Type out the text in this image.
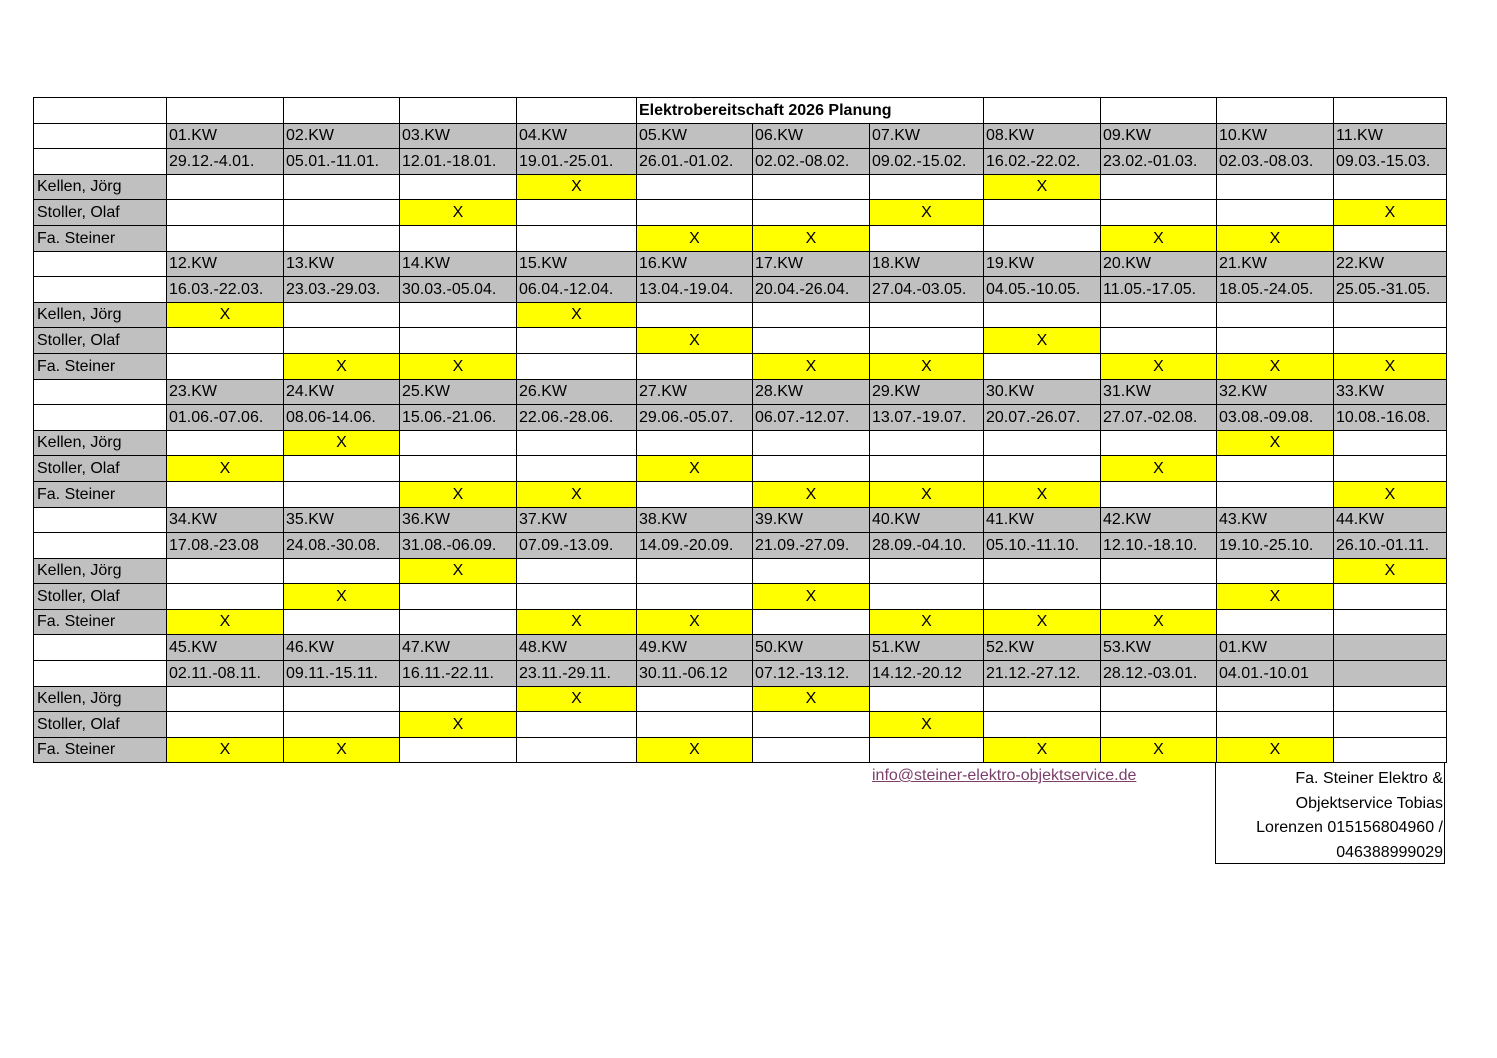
					Elektrobereitschaft 2026 Planung						
	01.KW	02.KW	03.KW	04.KW	05.KW	06.KW	07.KW	08.KW	09.KW	10.KW	11.KW
	29.12.-4.01.	05.01.-11.01.	12.01.-18.01.	19.01.-25.01.	26.01.-01.02.	02.02.-08.02.	09.02.-15.02.	16.02.-22.02.	23.02.-01.03.	02.03.-08.03.	09.03.-15.03.
Kellen, Jörg				X				X			
Stoller, Olaf			X				X				X
Fa. Steiner					X	X			X	X	
	12.KW	13.KW	14.KW	15.KW	16.KW	17.KW	18.KW	19.KW	20.KW	21.KW	22.KW
	16.03.-22.03.	23.03.-29.03.	30.03.-05.04.	06.04.-12.04.	13.04.-19.04.	20.04.-26.04.	27.04.-03.05.	04.05.-10.05.	11.05.-17.05.	18.05.-24.05.	25.05.-31.05.
Kellen, Jörg	X			X							
Stoller, Olaf					X			X			
Fa. Steiner		X	X			X	X		X	X	X
	23.KW	24.KW	25.KW	26.KW	27.KW	28.KW	29.KW	30.KW	31.KW	32.KW	33.KW
	01.06.-07.06.	08.06-14.06.	15.06.-21.06.	22.06.-28.06.	29.06.-05.07.	06.07.-12.07.	13.07.-19.07.	20.07.-26.07.	27.07.-02.08.	03.08.-09.08.	10.08.-16.08.
Kellen, Jörg		X								X	
Stoller, Olaf	X				X				X		
Fa. Steiner			X	X		X	X	X			X
	34.KW	35.KW	36.KW	37.KW	38.KW	39.KW	40.KW	41.KW	42.KW	43.KW	44.KW
	17.08.-23.08	24.08.-30.08.	31.08.-06.09.	07.09.-13.09.	14.09.-20.09.	21.09.-27.09.	28.09.-04.10.	05.10.-11.10.	12.10.-18.10.	19.10.-25.10.	26.10.-01.11.
Kellen, Jörg			X								X
Stoller, Olaf		X				X				X	
Fa. Steiner	X			X	X		X	X	X		
	45.KW	46.KW	47.KW	48.KW	49.KW	50.KW	51.KW	52.KW	53.KW	01.KW	
	02.11.-08.11.	09.11.-15.11.	16.11.-22.11.	23.11.-29.11.	30.11.-06.12	07.12.-13.12.	14.12.-20.12	21.12.-27.12.	28.12.-03.01.	04.01.-10.01	
Kellen, Jörg				X		X					
Stoller, Olaf			X				X				
Fa. Steiner	X	X			X			X	X	X	
info@steiner-elektro-objektservice.de	Fa. Steiner Elektro &
Objektservice Tobias
Lorenzen 015156804960 /
046388999029
